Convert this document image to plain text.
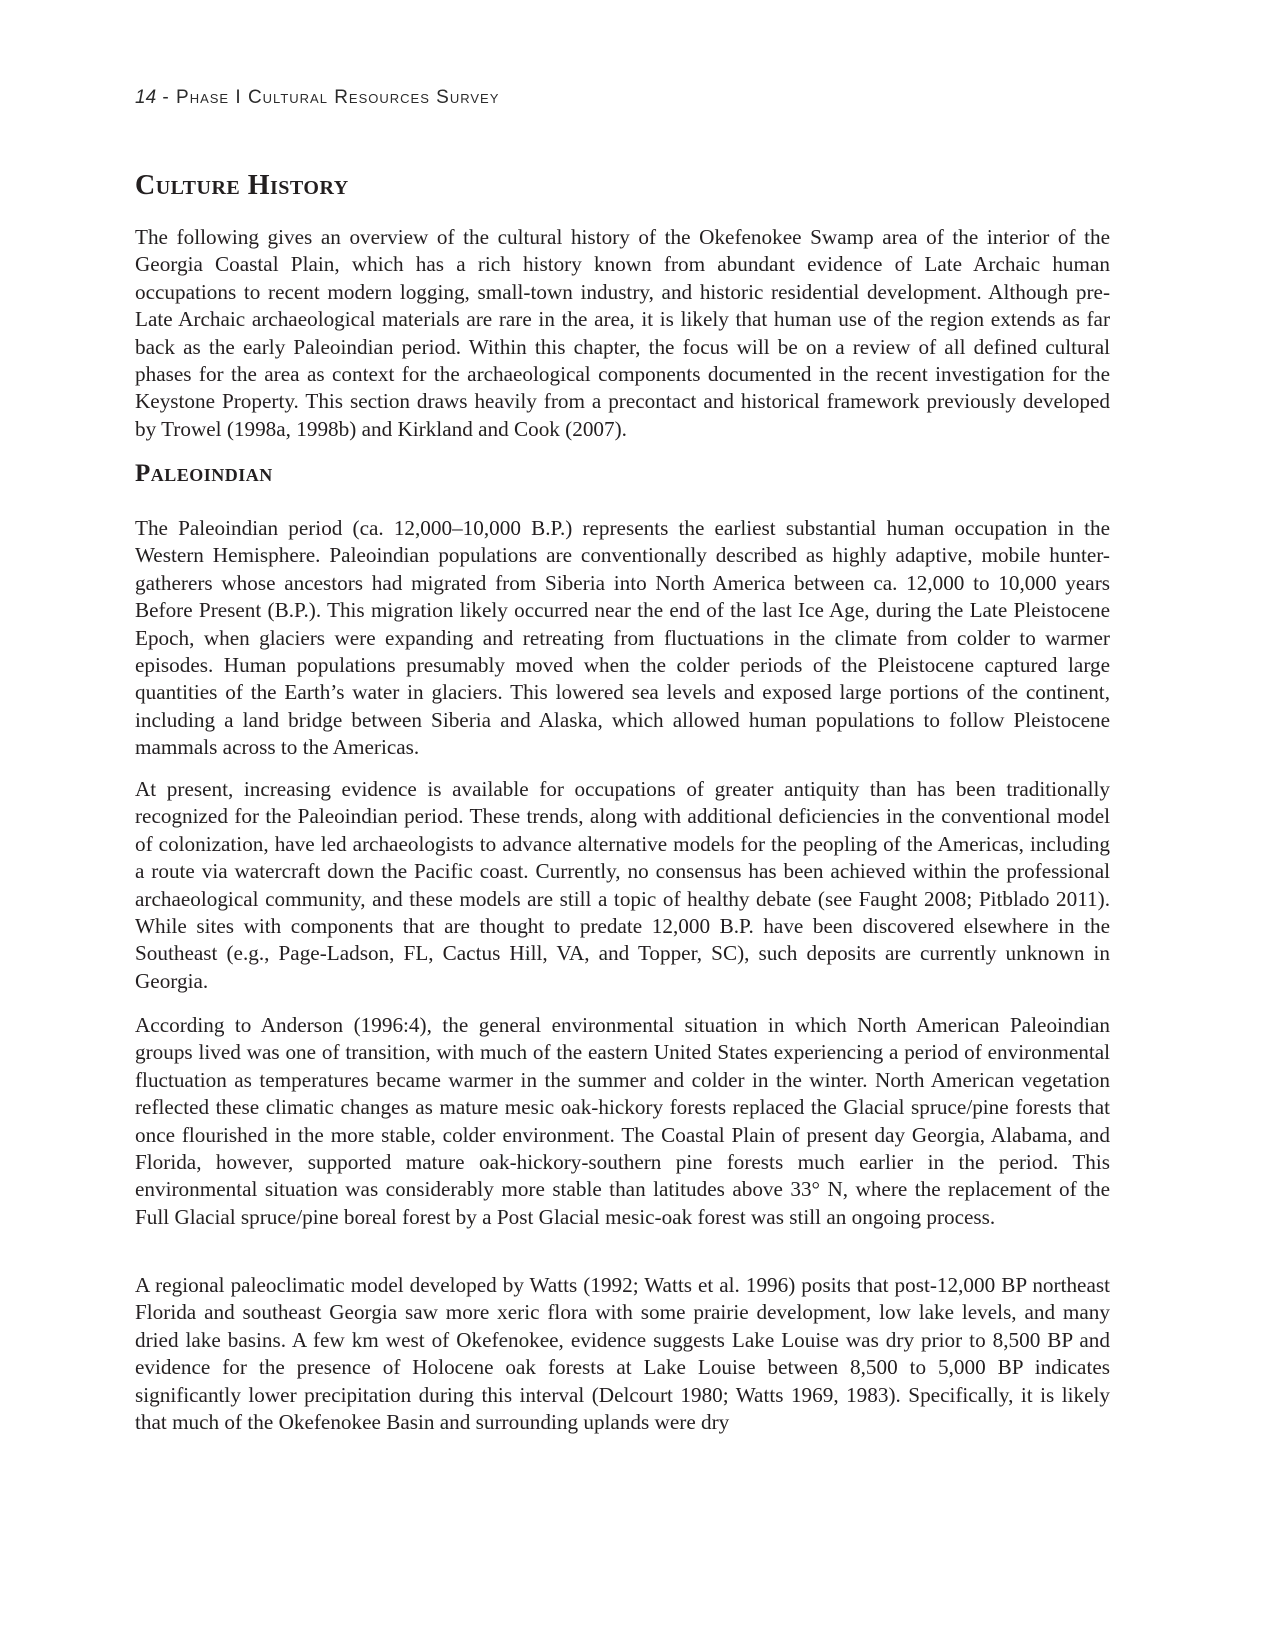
14 - Phase I Cultural Resources Survey
Culture History

The following gives an overview of the cultural history of the Okefenokee Swamp area of the interior of the Georgia Coastal Plain, which has a rich history known from abundant evidence of Late Archaic human occupations to recent modern logging, small-town industry, and historic residential development. Although pre-Late Archaic archaeological materials are rare in the area, it is likely that human use of the region extends as far back as the early Paleoindian period. Within this chapter, the focus will be on a review of all defined cultural phases for the area as context for the archaeological components documented in the recent investigation for the Keystone Property. This section draws heavily from a precontact and historical framework previously developed by Trowel (1998a, 1998b) and Kirkland and Cook (2007).

Paleoindian

The Paleoindian period (ca. 12,000–10,000 B.P.) represents the earliest substantial human occupation in the Western Hemisphere. Paleoindian populations are conventionally described as highly adaptive, mobile hunter-gatherers whose ancestors had migrated from Siberia into North America between ca. 12,000 to 10,000 years Before Present (B.P.). This migration likely occurred near the end of the last Ice Age, during the Late Pleistocene Epoch, when glaciers were expanding and retreating from fluctuations in the climate from colder to warmer episodes. Human populations presumably moved when the colder periods of the Pleistocene captured large quantities of the Earth’s water in glaciers. This lowered sea levels and exposed large portions of the continent, including a land bridge between Siberia and Alaska, which allowed human populations to follow Pleistocene mammals across to the Americas.

At present, increasing evidence is available for occupations of greater antiquity than has been traditionally recognized for the Paleoindian period. These trends, along with additional deficiencies in the conventional model of colonization, have led archaeologists to advance alternative models for the peopling of the Americas, including a route via watercraft down the Pacific coast. Currently, no consensus has been achieved within the professional archaeological community, and these models are still a topic of healthy debate (see Faught 2008; Pitblado 2011). While sites with components that are thought to predate 12,000 B.P. have been discovered elsewhere in the Southeast (e.g., Page-Ladson, FL, Cactus Hill, VA, and Topper, SC), such deposits are currently unknown in Georgia.

According to Anderson (1996:4), the general environmental situation in which North American Paleoindian groups lived was one of transition, with much of the eastern United States experiencing a period of environmental fluctuation as temperatures became warmer in the summer and colder in the winter. North American vegetation reflected these climatic changes as mature mesic oak-hickory forests replaced the Glacial spruce/pine forests that once flourished in the more stable, colder environment. The Coastal Plain of present day Georgia, Alabama, and Florida, however, supported mature oak-hickory-southern pine forests much earlier in the period. This environmental situation was considerably more stable than latitudes above 33° N, where the replacement of the Full Glacial spruce/pine boreal forest by a Post Glacial mesic-oak forest was still an ongoing process.

A regional paleoclimatic model developed by Watts (1992; Watts et al. 1996) posits that post-12,000 BP northeast Florida and southeast Georgia saw more xeric flora with some prairie development, low lake levels, and many dried lake basins. A few km west of Okefenokee, evidence suggests Lake Louise was dry prior to 8,500 BP and evidence for the presence of Holocene oak forests at Lake Louise between 8,500 to 5,000 BP indicates significantly lower precipitation during this interval (Delcourt 1980; Watts 1969, 1983). Specifically, it is likely that much of the Okefenokee Basin and surrounding uplands were dry
